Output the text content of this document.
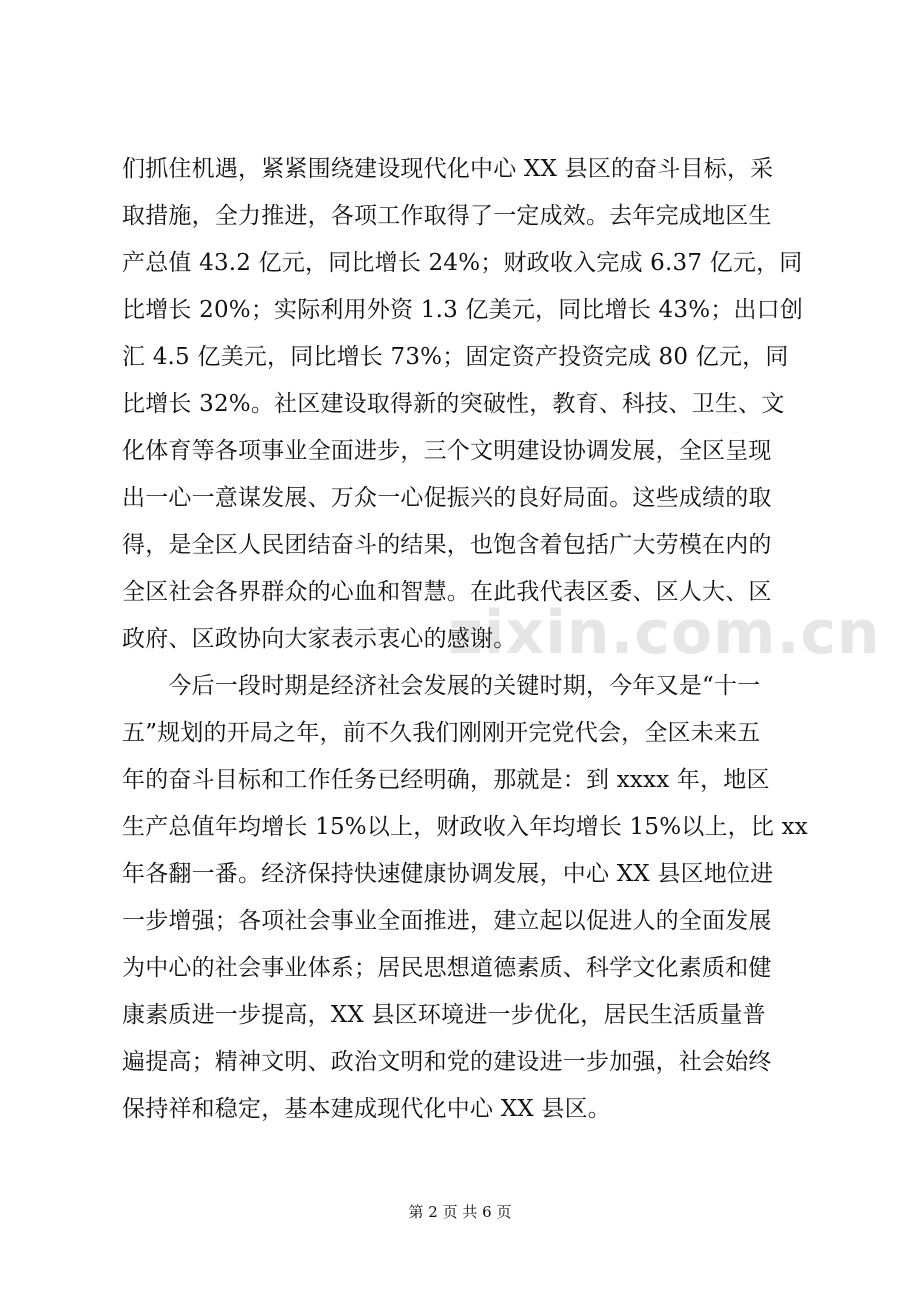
zixin.com.cn
们抓住机遇，紧紧围绕建设现代化中心 XX 县区的奋斗目标，采
取措施，全力推进，各项工作取得了一定成效。去年完成地区生
产总值 43.2 亿元，同比增长 24%；财政收入完成 6.37 亿元，同
比增长 20%；实际利用外资 1.3 亿美元，同比增长 43%；出口创
汇 4.5 亿美元，同比增长 73%；固定资产投资完成 80 亿元，同
比增长 32%。社区建设取得新的突破性，教育、科技、卫生、文
化体育等各项事业全面进步，三个文明建设协调发展，全区呈现
出一心一意谋发展、万众一心促振兴的良好局面。这些成绩的取
得，是全区人民团结奋斗的结果，也饱含着包括广大劳模在内的
全区社会各界群众的心血和智慧。在此我代表区委、区人大、区
政府、区政协向大家表示衷心的感谢。
　　今后一段时期是经济社会发展的关键时期，今年又是“十一
五”规划的开局之年，前不久我们刚刚开完党代会，全区未来五
年的奋斗目标和工作任务已经明确，那就是：到 xxxx 年，地区
生产总值年均增长 15%以上，财政收入年均增长 15%以上，比 xx
年各翻一番。经济保持快速健康协调发展，中心 XX 县区地位进
一步增强；各项社会事业全面推进，建立起以促进人的全面发展
为中心的社会事业体系；居民思想道德素质、科学文化素质和健
康素质进一步提高，XX 县区环境进一步优化，居民生活质量普
遍提高；精神文明、政治文明和党的建设进一步加强，社会始终
保持祥和稳定，基本建成现代化中心 XX 县区。
第 2 页 共 6 页
